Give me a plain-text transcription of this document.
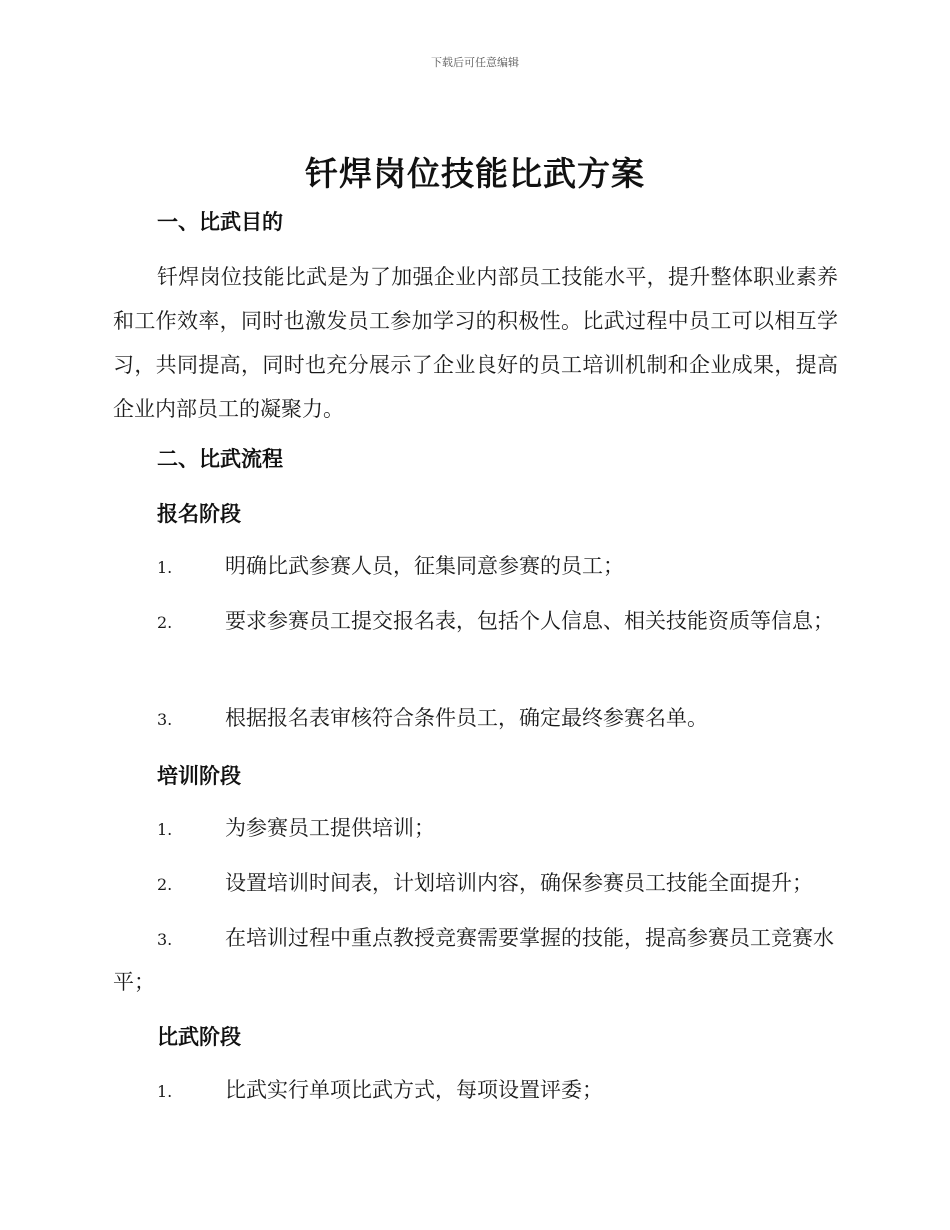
下载后可任意编辑
钎焊岗位技能比武方案
一、比武目的
钎焊岗位技能比武是为了加强企业内部员工技能水平，提升整体职业素养和工作效率，同时也激发员工参加学习的积极性。比武过程中员工可以相互学习，共同提高，同时也充分展示了企业良好的员工培训机制和企业成果，提高企业内部员工的凝聚力。
二、比武流程
报名阶段
1.	明确比武参赛人员，征集同意参赛的员工；
2.	要求参赛员工提交报名表，包括个人信息、相关技能资质等信息；
3.	根据报名表审核符合条件员工，确定最终参赛名单。
培训阶段
1.	为参赛员工提供培训；
2.	设置培训时间表，计划培训内容，确保参赛员工技能全面提升；
3.	在培训过程中重点教授竞赛需要掌握的技能，提高参赛员工竞赛水平；
比武阶段
1.	比武实行单项比武方式，每项设置评委；
